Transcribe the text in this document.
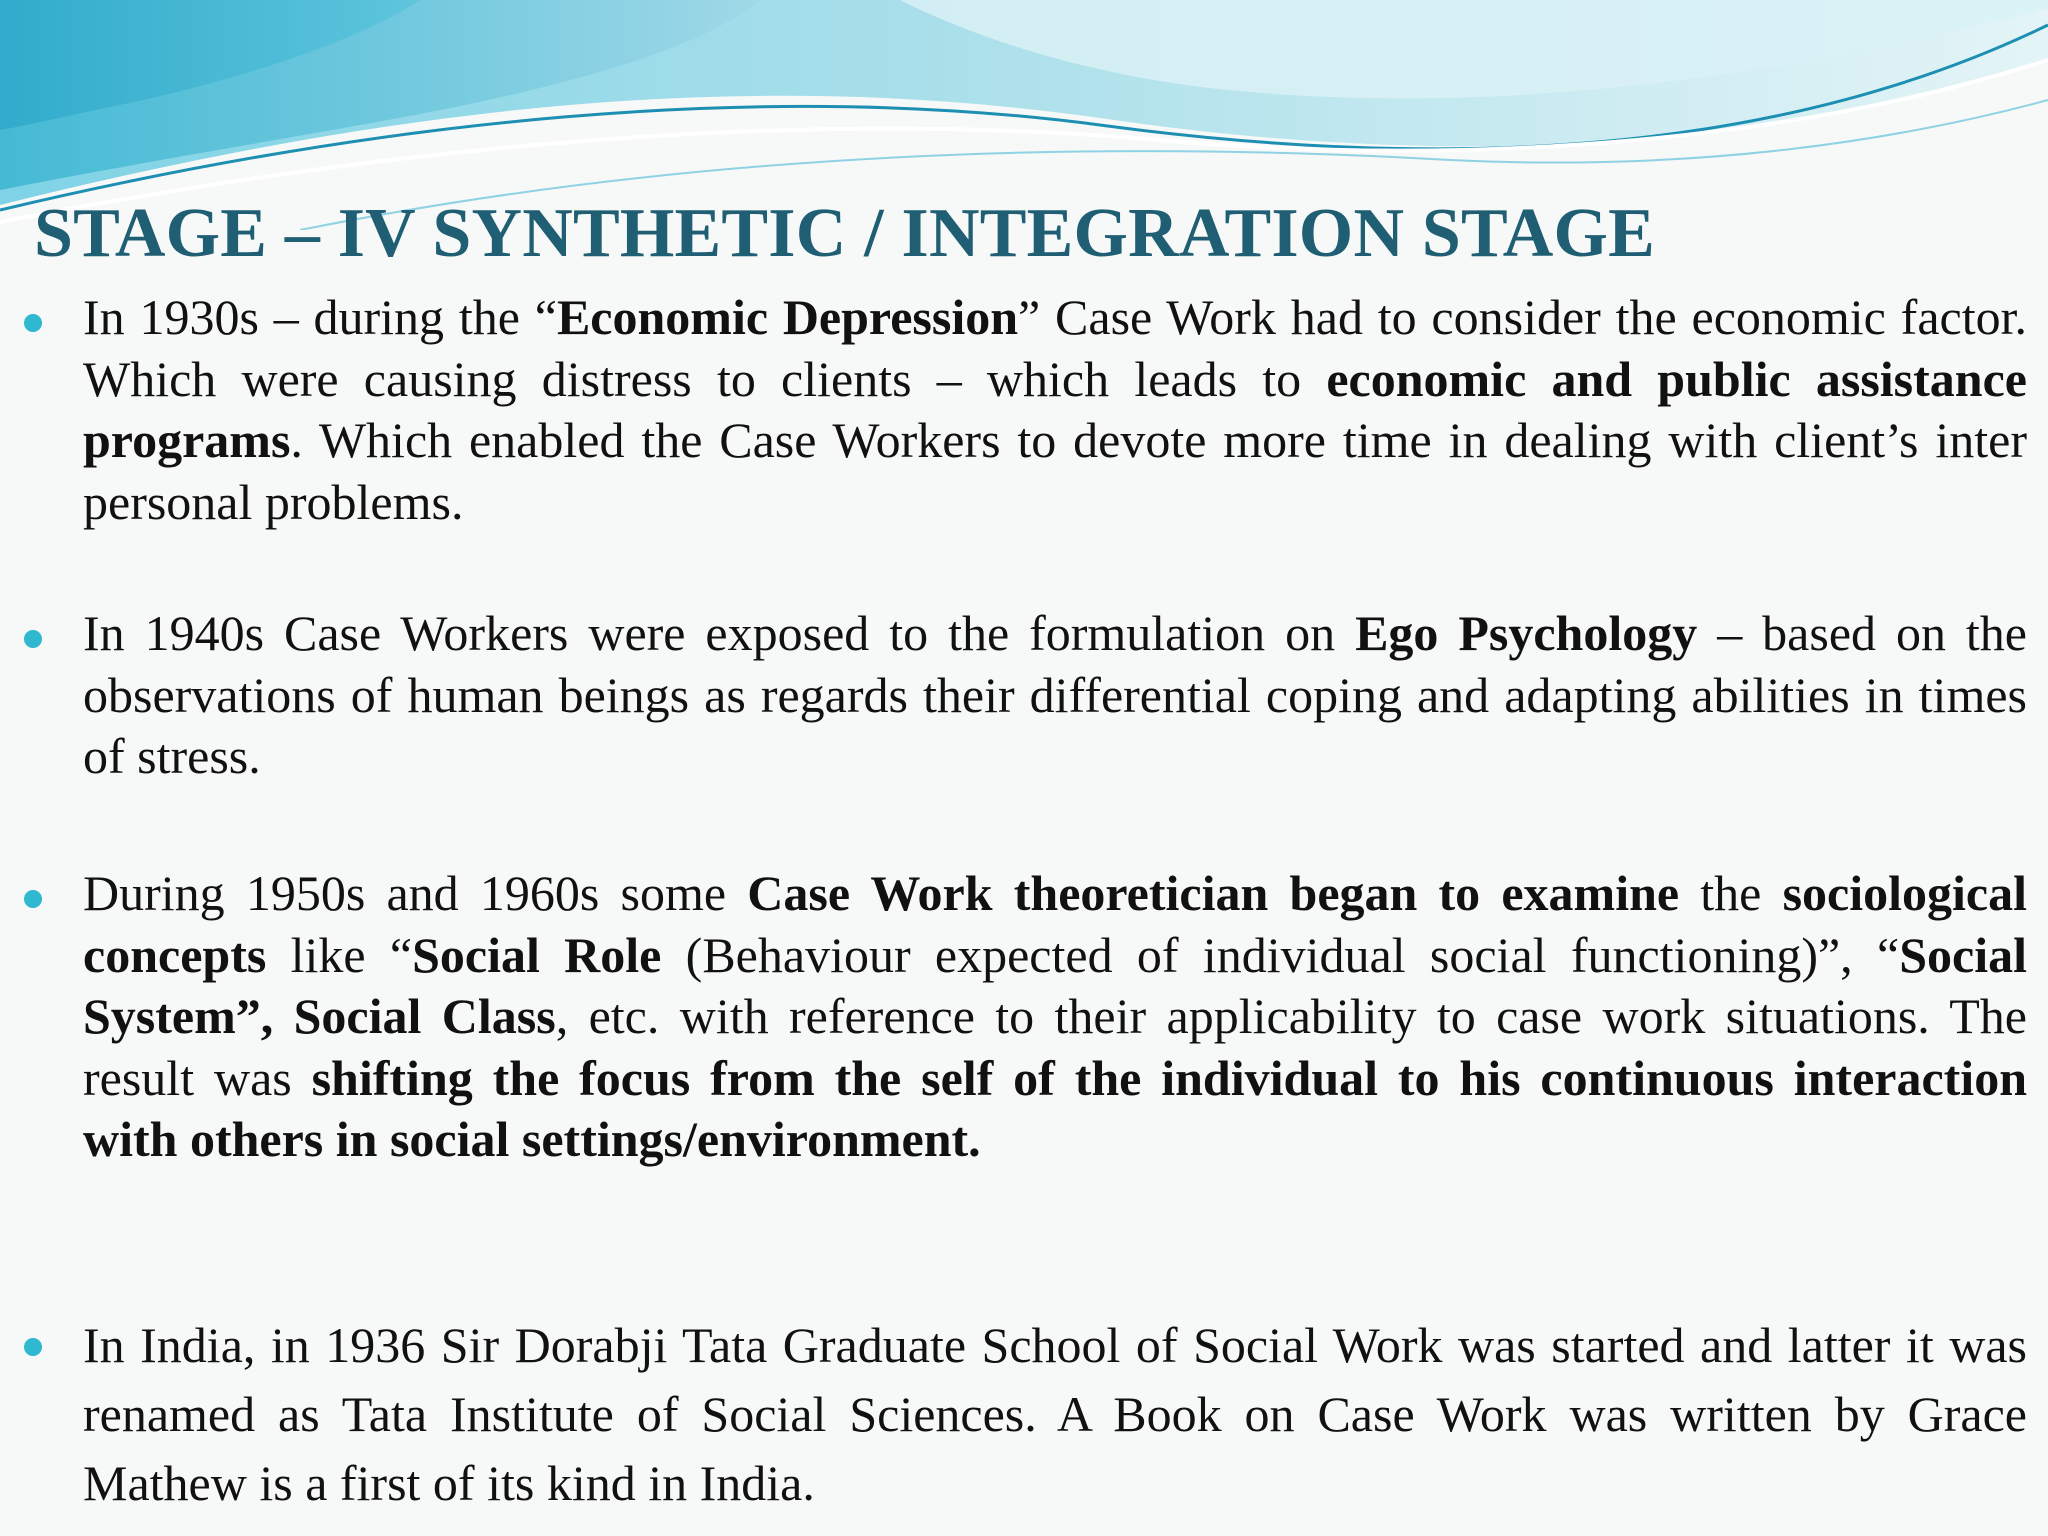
STAGE – IV SYNTHETIC / INTEGRATION STAGE
In 1930s – during the “Economic Depression” Case Work had to consider the economic factor. Which were causing distress to clients – which leads to economic and public assistance programs. Which enabled the Case Workers to devote more time in dealing with client’s inter personal problems.
In 1940s Case Workers were exposed to the formulation on Ego Psychology – based on the observations of human beings as regards their differential coping and adapting abilities in times of stress.
During 1950s and 1960s some Case Work theoretician began to examine the sociological concepts like “Social Role (Behaviour expected of individual social functioning)”, “Social System”, Social Class, etc. with reference to their applicability to case work situations. The result was shifting the focus from the self of the individual to his continuous interaction with others in social settings/environment.
In India, in 1936 Sir Dorabji Tata Graduate School of Social Work was started and latter it was renamed as Tata Institute of Social Sciences. A Book on Case Work was written by Grace Mathew is a first of its kind in India.
